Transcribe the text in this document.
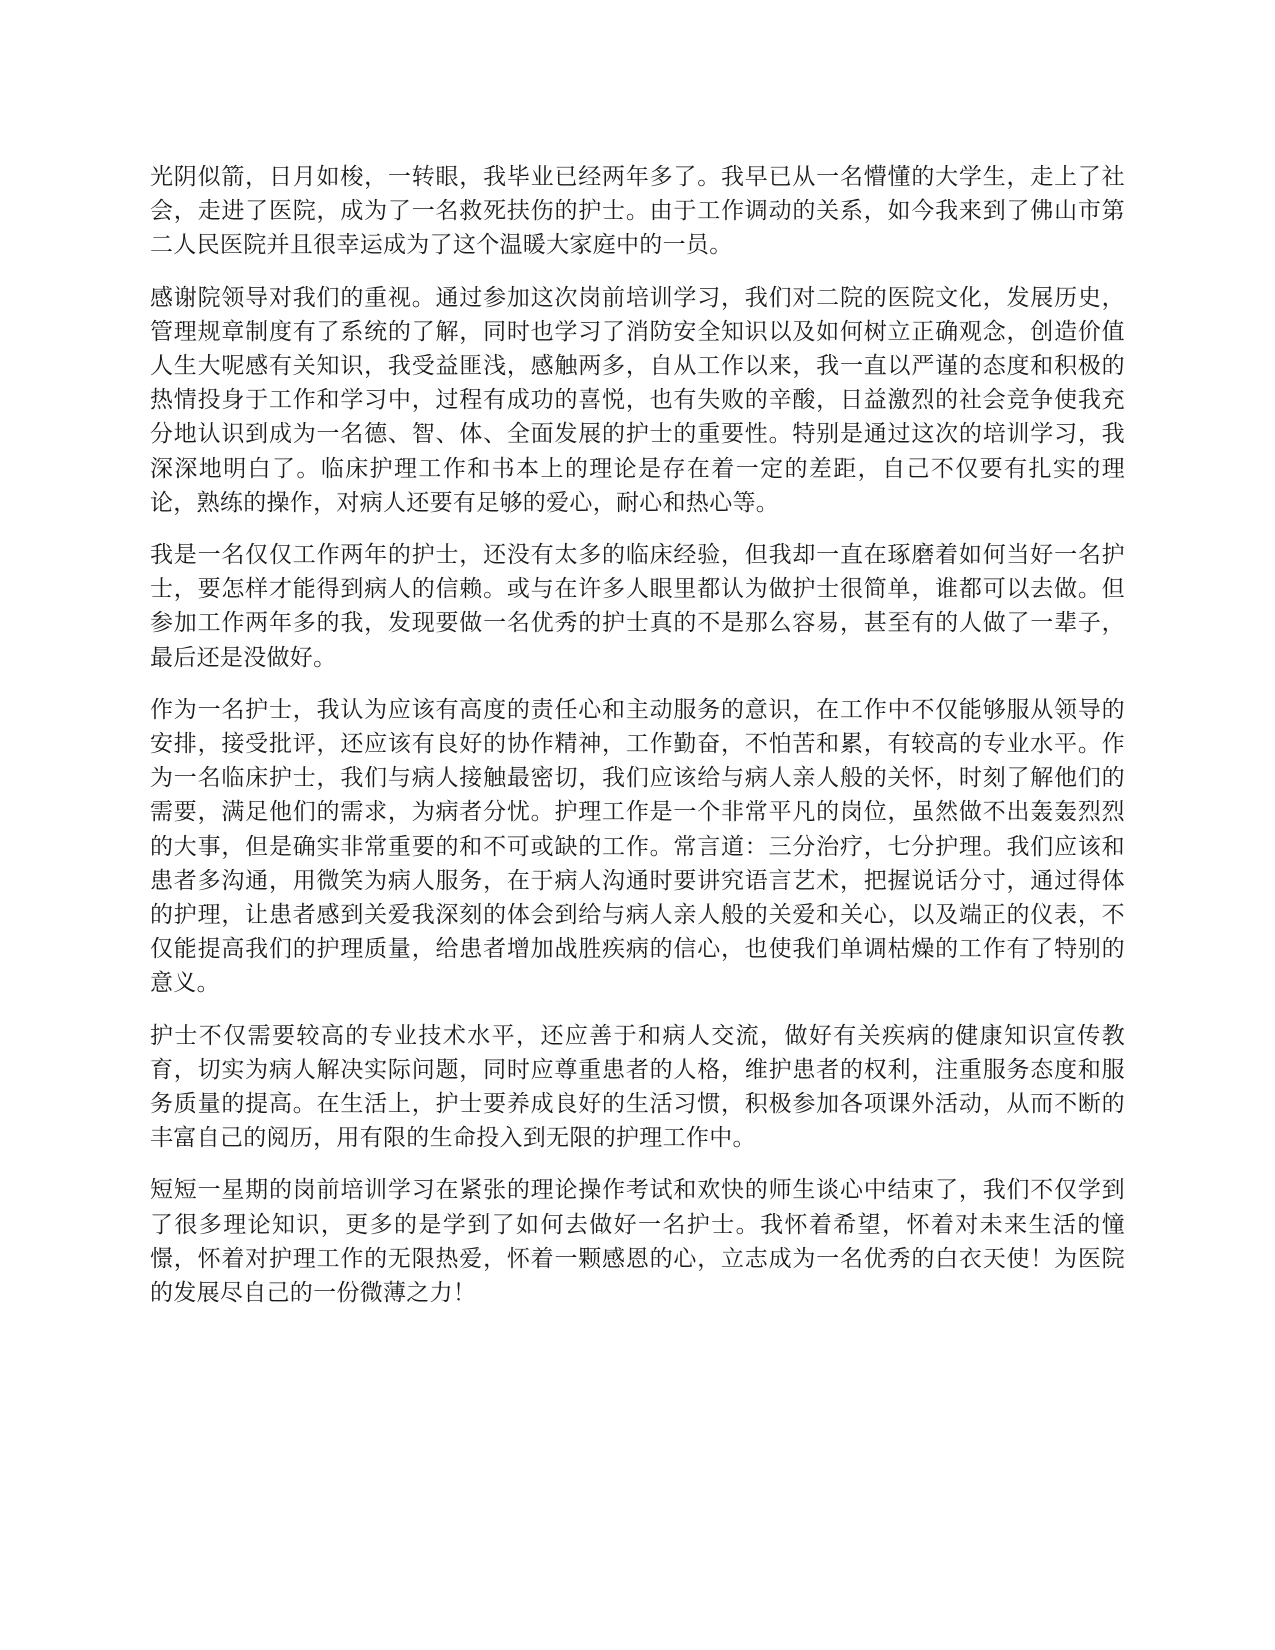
光阴似箭，日月如梭，一转眼，我毕业已经两年多了。我早已从一名懵懂的大学生，走上了社会，走进了医院，成为了一名救死扶伤的护士。由于工作调动的关系，如今我来到了佛山市第二人民医院并且很幸运成为了这个温暖大家庭中的一员。

感谢院领导对我们的重视。通过参加这次岗前培训学习，我们对二院的医院文化，发展历史，管理规章制度有了系统的了解，同时也学习了消防安全知识以及如何树立正确观念，创造价值人生大呢感有关知识，我受益匪浅，感触两多，自从工作以来，我一直以严谨的态度和积极的热情投身于工作和学习中，过程有成功的喜悦，也有失败的辛酸，日益激烈的社会竞争使我充分地认识到成为一名德、智、体、全面发展的护士的重要性。特别是通过这次的培训学习，我深深地明白了。临床护理工作和书本上的理论是存在着一定的差距，自己不仅要有扎实的理论，熟练的操作，对病人还要有足够的爱心，耐心和热心等。

我是一名仅仅工作两年的护士，还没有太多的临床经验，但我却一直在琢磨着如何当好一名护士，要怎样才能得到病人的信赖。或与在许多人眼里都认为做护士很简单，谁都可以去做。但参加工作两年多的我，发现要做一名优秀的护士真的不是那么容易，甚至有的人做了一辈子，最后还是没做好。

作为一名护士，我认为应该有高度的责任心和主动服务的意识，在工作中不仅能够服从领导的安排，接受批评，还应该有良好的协作精神，工作勤奋，不怕苦和累，有较高的专业水平。作为一名临床护士，我们与病人接触最密切，我们应该给与病人亲人般的关怀，时刻了解他们的需要，满足他们的需求，为病者分忧。护理工作是一个非常平凡的岗位，虽然做不出轰轰烈烈的大事，但是确实非常重要的和不可或缺的工作。常言道：三分治疗，七分护理。我们应该和患者多沟通，用微笑为病人服务，在于病人沟通时要讲究语言艺术，把握说话分寸，通过得体的护理，让患者感到关爱我深刻的体会到给与病人亲人般的关爱和关心，以及端正的仪表，不仅能提高我们的护理质量，给患者增加战胜疾病的信心，也使我们单调枯燥的工作有了特别的意义。

护士不仅需要较高的专业技术水平，还应善于和病人交流，做好有关疾病的健康知识宣传教育，切实为病人解决实际问题，同时应尊重患者的人格，维护患者的权利，注重服务态度和服务质量的提高。在生活上，护士要养成良好的生活习惯，积极参加各项课外活动，从而不断的丰富自己的阅历，用有限的生命投入到无限的护理工作中。

短短一星期的岗前培训学习在紧张的理论操作考试和欢快的师生谈心中结束了，我们不仅学到了很多理论知识，更多的是学到了如何去做好一名护士。我怀着希望，怀着对未来生活的憧憬，怀着对护理工作的无限热爱，怀着一颗感恩的心，立志成为一名优秀的白衣天使！为医院的发展尽自己的一份微薄之力！
